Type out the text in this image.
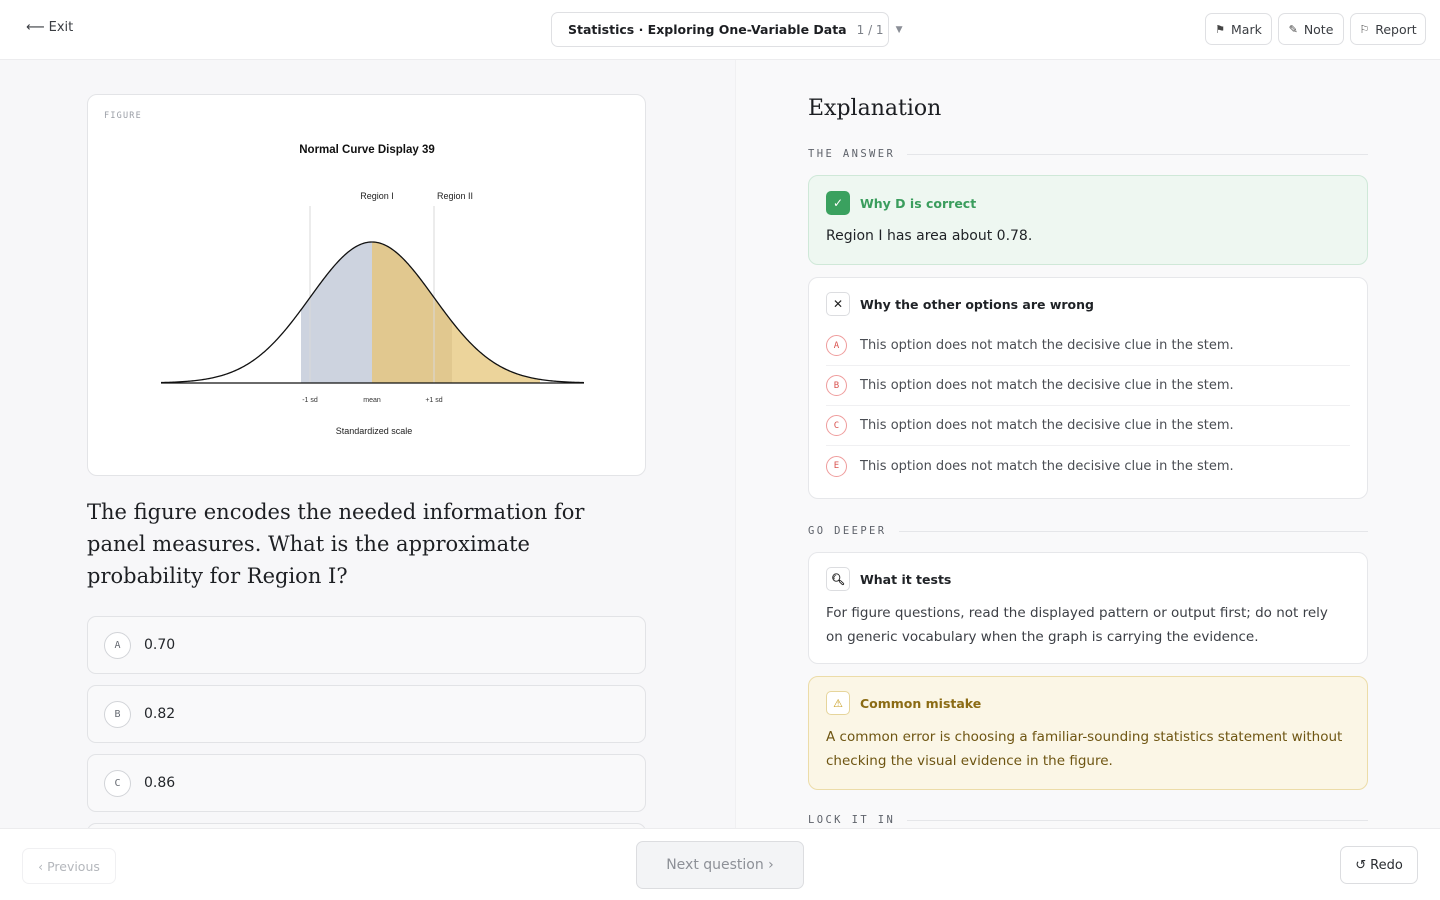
⟵ Exit	Statistics · Exploring One-Variable Data 1 / 1 ▼	⚑ Mark ✎ Note ⚐ Report
FIGURE
Normal Curve Display 39
Region I	Region II
-1 sd	mean	+1 sd
Standardized scale
The figure encodes the needed information for panel measures. What is the approximate probability for Region I?
A	0.70
B	0.82
C	0.86
Explanation
THE ANSWER
✓	Why D is correct
Region I has area about 0.78.
✕	Why the other options are wrong
A	This option does not match the decisive clue in the stem.
B	This option does not match the decisive clue in the stem.
C	This option does not match the decisive clue in the stem.
E	This option does not match the decisive clue in the stem.
GO DEEPER
🔍︎	What it tests
For figure questions, read the displayed pattern or output first; do not rely on generic vocabulary when the graph is carrying the evidence.
⚠	Common mistake
A common error is choosing a familiar-sounding statistics statement without checking the visual evidence in the figure.
LOCK IT IN
‹ Previous	Next question ›	↺ Redo
